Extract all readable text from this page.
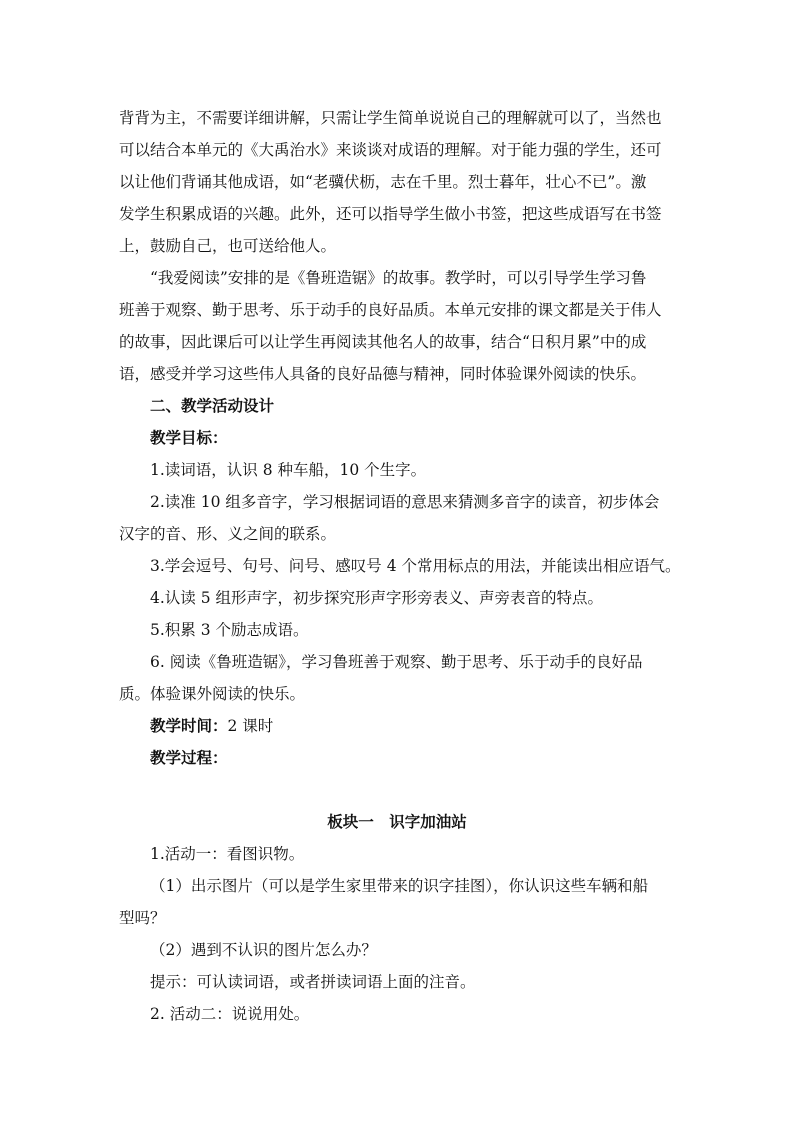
背背为主，不需要详细讲解，只需让学生简单说说自己的理解就可以了，当然也
可以结合本单元的《大禹治水》来谈谈对成语的理解。对于能力强的学生，还可
以让他们背诵其他成语，如“老骥伏枥，志在千里。烈士暮年，壮心不已”。激
发学生积累成语的兴趣。此外，还可以指导学生做小书签，把这些成语写在书签
上，鼓励自己，也可送给他人。
“我爱阅读”安排的是《鲁班造锯》的故事。教学时，可以引导学生学习鲁
班善于观察、勤于思考、乐于动手的良好品质。本单元安排的课文都是关于伟人
的故事，因此课后可以让学生再阅读其他名人的故事，结合“日积月累”中的成
语，感受并学习这些伟人具备的良好品德与精神，同时体验课外阅读的快乐。
二、教学活动设计
教学目标：
1.读词语，认识 8 种车船，10 个生字。
2.读准 10 组多音字，学习根据词语的意思来猜测多音字的读音，初步体会
汉字的音、形、义之间的联系。
3.学会逗号、句号、问号、感叹号 4 个常用标点的用法，并能读出相应语气。
4.认读 5 组形声字，初步探究形声字形旁表义、声旁表音的特点。
5.积累 3 个励志成语。
6. 阅读《鲁班造锯》，学习鲁班善于观察、勤于思考、乐于动手的良好品
质。体验课外阅读的快乐。
教学时间：2 课时
教学过程：
板块一　识字加油站
1.活动一：看图识物。
（1）出示图片（可以是学生家里带来的识字挂图），你认识这些车辆和船
型吗？
（2）遇到不认识的图片怎么办？
提示：可认读词语，或者拼读词语上面的注音。
2. 活动二：说说用处。
